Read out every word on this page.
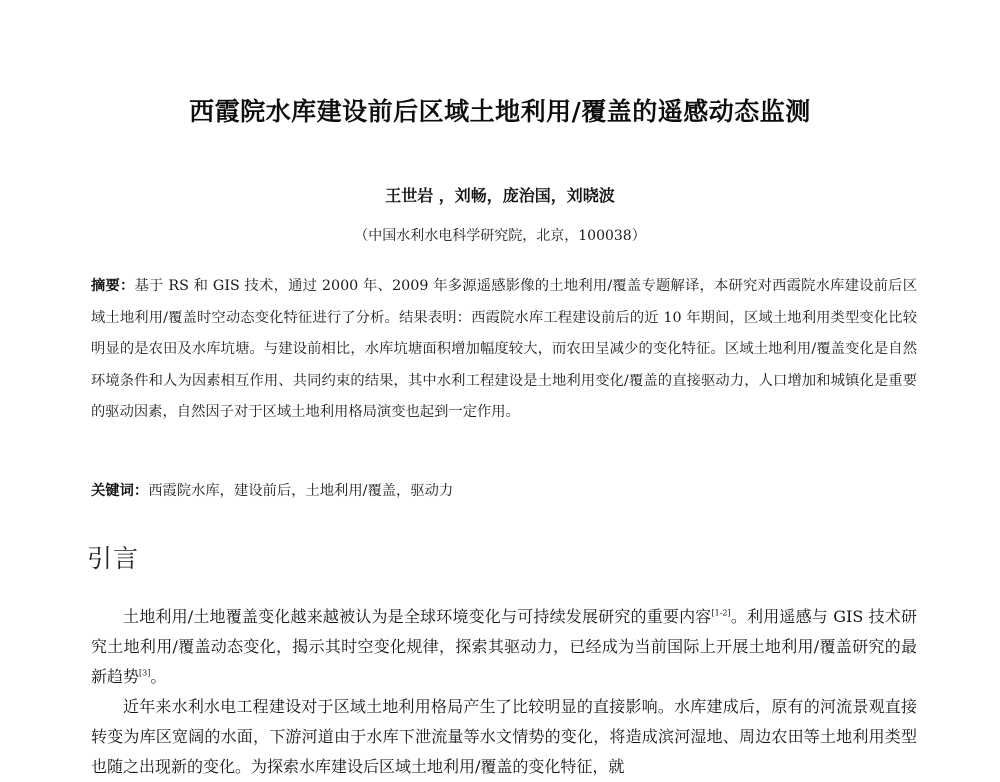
西霞院水库建设前后区域土地利用/覆盖的遥感动态监测
王世岩 ，刘畅，庞治国，刘晓波
（中国水利水电科学研究院，北京，100038）
摘要：基于 RS 和 GIS 技术，通过 2000 年、2009 年多源遥感影像的土地利用/覆盖专题解译，本研究对西霞院水库建设前后区域土地利用/覆盖时空动态变化特征进行了分析。结果表明：西霞院水库工程建设前后的近 10 年期间，区域土地利用类型变化比较明显的是农田及水库坑塘。与建设前相比，水库坑塘面积增加幅度较大，而农田呈减少的变化特征。区域土地利用/覆盖变化是自然环境条件和人为因素相互作用、共同约束的结果，其中水利工程建设是土地利用变化/覆盖的直接驱动力，人口增加和城镇化是重要的驱动因素，自然因子对于区域土地利用格局演变也起到一定作用。
关键词：西霞院水库，建设前后，土地利用/覆盖，驱动力
引言

土地利用/土地覆盖变化越来越被认为是全球环境变化与可持续发展研究的重要内容[1-2]。利用遥感与 GIS 技术研究土地利用/覆盖动态变化，揭示其时空变化规律，探索其驱动力，已经成为当前国际上开展土地利用/覆盖研究的最新趋势[3]。

近年来水利水电工程建设对于区域土地利用格局产生了比较明显的直接影响。水库建成后，原有的河流景观直接转变为库区宽阔的水面，下游河道由于水库下泄流量等水文情势的变化，将造成滨河湿地、周边农田等土地利用类型也随之出现新的变化。为探索水库建设后区域土地利用/覆盖的变化特征，就
